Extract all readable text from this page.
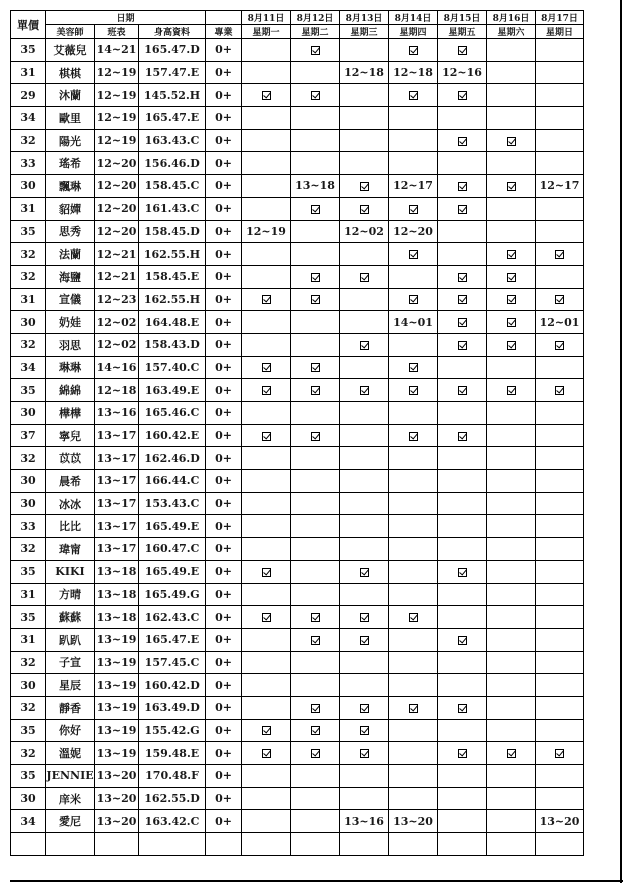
單價	日期				8月11日	8月12日	8月13日	8月14日	8月15日	8月16日	8月17日
	美容師	班表	身高資料	專業	星期一	星期二	星期三	星期四	星期五	星期六	星期日
35	艾薇兒	14~21	165.47.D	0+							
31	棋棋	12~19	157.47.E	0+			12~18	12~18	12~16		
29	沐蘭	12~19	145.52.H	0+							
34	歐里	12~19	165.47.E	0+							
32	陽光	12~19	163.43.C	0+							
33	瑤希	12~20	156.46.D	0+							
30	飄琳	12~20	158.45.C	0+		13~18		12~17			12~17
31	貂嬋	12~20	161.43.C	0+							
35	思秀	12~20	158.45.D	0+	12~19		12~02	12~20			
32	法蘭	12~21	162.55.H	0+							
32	海鹽	12~21	158.45.E	0+							
31	宣儀	12~23	162.55.H	0+							
30	奶娃	12~02	164.48.E	0+				14~01			12~01
32	羽思	12~02	158.43.D	0+							
34	琳琳	14~16	157.40.C	0+							
35	綿綿	12~18	163.49.E	0+							
30	樺樺	13~16	165.46.C	0+							
37	寧兒	13~17	160.42.E	0+							
32	苡苡	13~17	162.46.D	0+							
30	晨希	13~17	166.44.C	0+							
30	冰冰	13~17	153.43.C	0+							
33	比比	13~17	165.49.E	0+							
32	瑋甯	13~17	160.47.C	0+							
35	KIKI	13~18	165.49.E	0+							
31	方晴	13~18	165.49.G	0+							
35	蘇蘇	13~18	162.43.C	0+							
31	趴趴	13~19	165.47.E	0+							
32	子宣	13~19	157.45.C	0+							
30	星辰	13~19	160.42.D	0+							
32	靜香	13~19	163.49.D	0+							
35	你好	13~19	155.42.G	0+							
32	溫妮	13~19	159.48.E	0+							
35	JENNIE	13~20	170.48.F	0+							
30	庠米	13~20	162.55.D	0+							
34	愛尼	13~20	163.42.C	0+			13~16	13~20			13~20
